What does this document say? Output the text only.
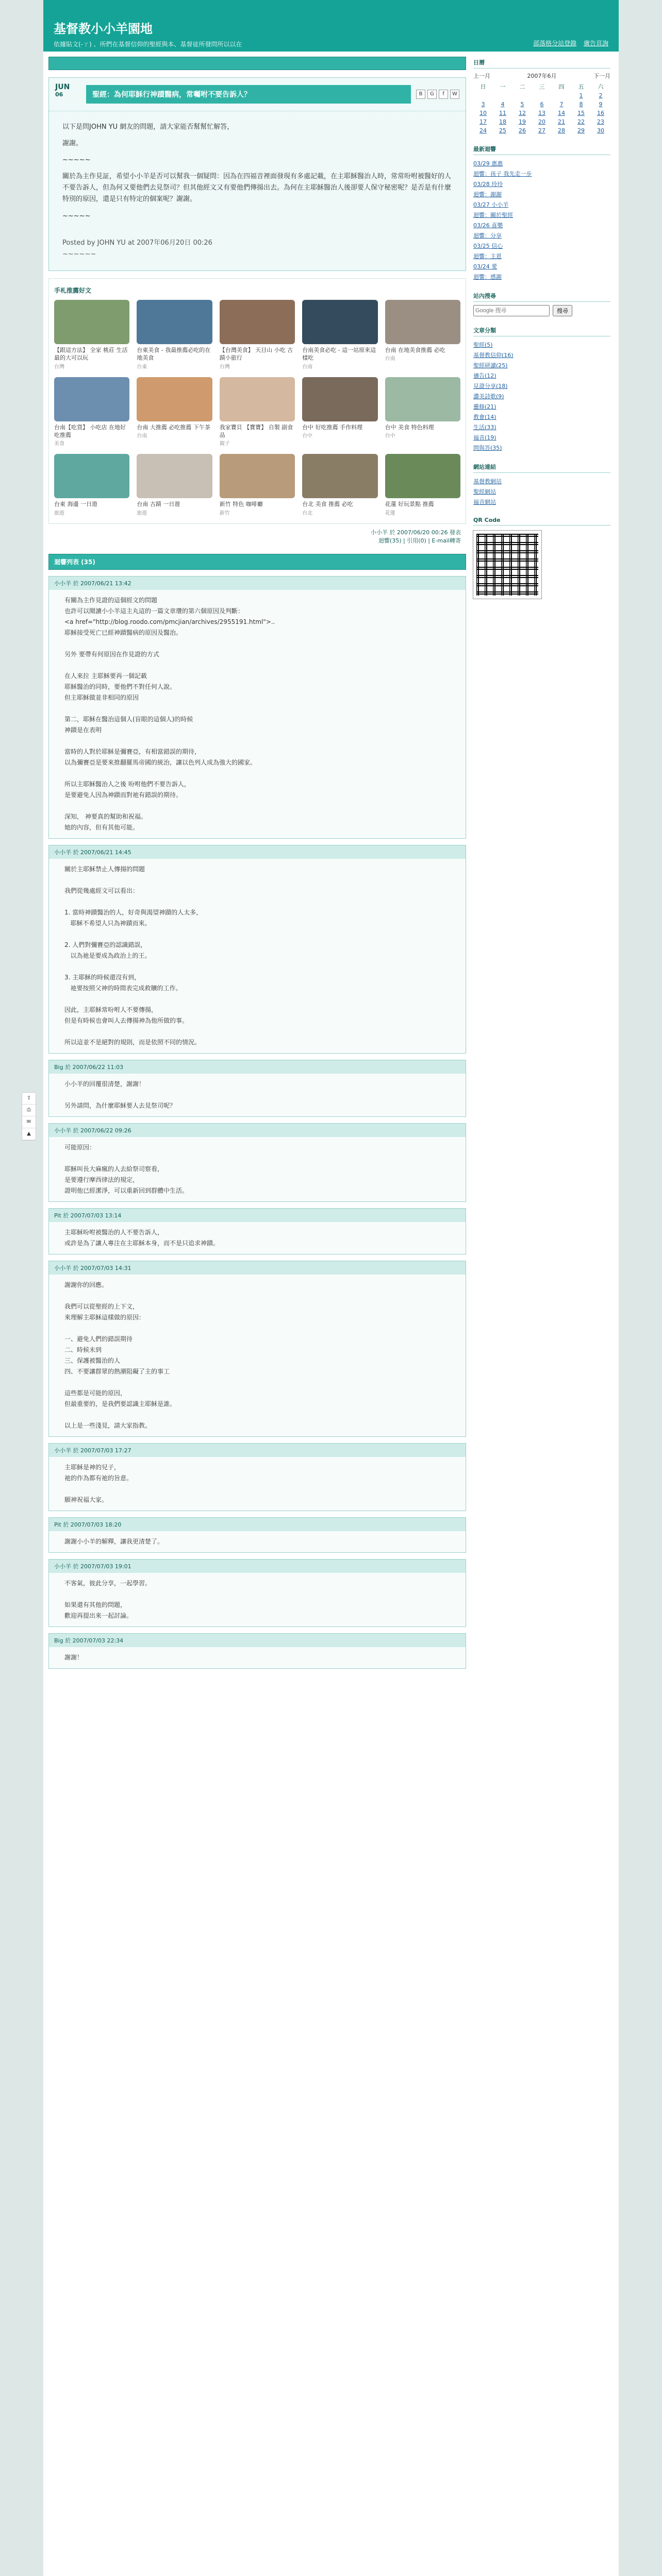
基督教小小羊園地
依據貼文(-ㄚ) 、所們在基督信仰的聖經與本、基督徒所發問所以以在	部落格分站登錄 廣告頁詢
JUN
06	聖經：為何耶穌行神蹟醫病，常囑咐不要告訴人？	B	G	f	W

以下是問JOHN YU 網友的問題，請大家能否幫幫忙解答，

謝謝。

~~~~~

關於為主作見証，希望小小羊是否可以幫我一個疑問：因為在四福音裡面發現有多處記載，在主耶穌醫治人時，常常吩咐被醫好的人不要告訴人，但為何又要他們去見祭司？但其他經文又有要他們傳揚出去。為何在主耶穌醫治人後卻要人保守秘密呢？是否是有什麼特別的原因，還是只有特定的個案呢？謝謝。

~~~~~

Posted by JOHN YU at 2007年06月20日 00:26
~~~~~~
手札推薦好文
【跟這方法】 全家 桃莊 生活最的大可以玩
台灣
台東美食 - 我最推薦必吃的在地美食
台東
【台灣美食】 天目山 小吃 古蹟小旅行
台灣
台南美食必吃 - 這一站原來這樣吃
台南
台南 在地美食推薦 必吃
台南
台南【吃貨】 小吃店 在地好吃推薦
美食
台南 大推薦 必吃推薦 下午茶
台南
我家寶貝 【寶寶】 自製 副食品
親子
台中 好吃推薦 手作料理
台中
台中 美食 特色料理
台中
台東 海邊 一日遊
旅遊
台南 古蹟 一日遊
旅遊
新竹 特色 咖啡廳
新竹
台北 美食 推薦 必吃
台北
花蓮 好玩景點 推薦
花蓮
小小羊 於 2007/06/20 00:26 發表
迴響(35) | 引用(0) | E-mail轉寄
迴響列表 (35)
小小羊 於 2007/06/21 13:42
有關為主作見證的這個經文的問題
也許可以閱讀小小羊這主丸這的一篇文章瓚的第六個原因及判斷：
<a href="http://blog.roodo.com/pmcjian/archives/2955191.html">..
耶穌接受死亡已經神蹟醫病的原因及醫治。

另外 要帶有何原因在作見證的方式

在人來拉 主耶穌要再一個記載
耶穌醫治的同時，要他們不對任何人說。
但主耶穌做並非相同的原因

第二，耶穌在醫治這個人(盲眼的這個人)的時候
神蹟是在表明

當時的人對於耶穌是彌賽亞，有相當錯誤的期待，
以為彌賽亞是要來推翻羅馬帝國的統治，讓以色列人成為強大的國家。

所以主耶穌醫治人之後 吩咐他們不要告訴人，
是要避免人因為神蹟而對祂有錯誤的期待。

深知， 神要真的幫助和祝福。
她的內容，但有其他可能。

小小羊 於 2007/06/21 14:45
關於主耶穌禁止人傳揚的問題

我們從幾處經文可以看出：

1. 當時神蹟醫治的人，好奇與渴望神蹟的人太多，
耶穌不希望人只為神蹟而來。

2. 人們對彌賽亞的認識錯誤，
以為祂是要成為政治上的王。

3. 主耶穌的時候還沒有到，
祂要按照父神的時間表完成救贖的工作。

因此，主耶穌常吩咐人不要傳揚，
但是有時候也會叫人去傳揚神為他所做的事。

所以這並不是絕對的規則，而是依照不同的情況。

Big 於 2007/06/22 11:03
小小羊的回覆很清楚，謝謝！

另外請問，為什麼耶穌要人去見祭司呢？
小小羊 於 2007/06/22 09:26
可能原因：

耶穌叫長大麻瘋的人去給祭司察看，
是要遵行摩西律法的規定，
證明他已經潔淨，可以重新回到群體中生活。

Pit 於 2007/07/03 13:14
主耶穌吩咐被醫治的人不要告訴人，
或許是為了讓人專注在主耶穌本身，而不是只追求神蹟。
小小羊 於 2007/07/03 14:31
謝謝你的回應。

我們可以從聖經的上下文，
來理解主耶穌這樣做的原因：

一、避免人們的錯誤期待
二、時候未到
三、保護被醫治的人
四、不要讓群眾的熱潮阻礙了主的事工

這些都是可能的原因，
但最重要的，是我們要認識主耶穌是誰。

以上是一些淺見，請大家指教。

小小羊 於 2007/07/03 17:27
主耶穌是神的兒子，
祂的作為都有祂的旨意。

願神祝福大家。
Pit 於 2007/07/03 18:20
謝謝小小羊的解釋，讓我更清楚了。
小小羊 於 2007/07/03 19:01
不客氣，彼此分享，一起學習。

如果還有其他的問題，
歡迎再提出來一起討論。

Big 於 2007/07/03 22:34
謝謝！
日曆
上一月	2007年6月	下一月
日	一	二	三	四	五	六
					1	2
3	4	5	6	7	8	9
10	11	12	13	14	15	16
17	18	19	20	21	22	23
24	25	26	27	28	29	30
最新迴響
03/29 惠惠
迴響：孩子 我先走一步
03/28 玲玲
迴響：謝謝
03/27 小小羊
迴響：關於聖經
03/26 喜樂
迴響：分享
03/25 信心
迴響：主恩
03/24 愛
迴響：感謝
站內搜尋
Google 搜尋
搜尋
文章分類
聖經(5)
基督教信仰(16)
聖經研讀(25)
禱告(12)
見證分享(18)
讚美詩歌(9)
靈修(21)
教會(14)
生活(33)
福音(19)
問與答(35)
網站連結
基督教網站
聖經網站
福音網站
QR Code
⇪
⎙
✉
▲
